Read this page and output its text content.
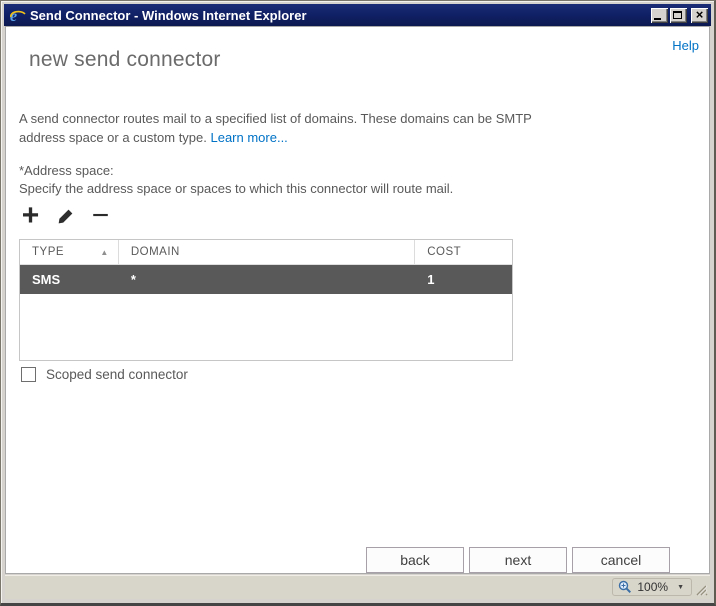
e Send Connector - Windows Internet Explorer	×
Help
new send connector
A send connector routes mail to a specified list of domains. These domains can be SMTP
address space or a custom type. Learn more...
*Address space:
Specify the address space or spaces to which this connector will route mail.
+ −
TYPE	▲ DOMAIN	COST
SMS	*	1
Scoped send connector
back	next	cancel
100% ▼
